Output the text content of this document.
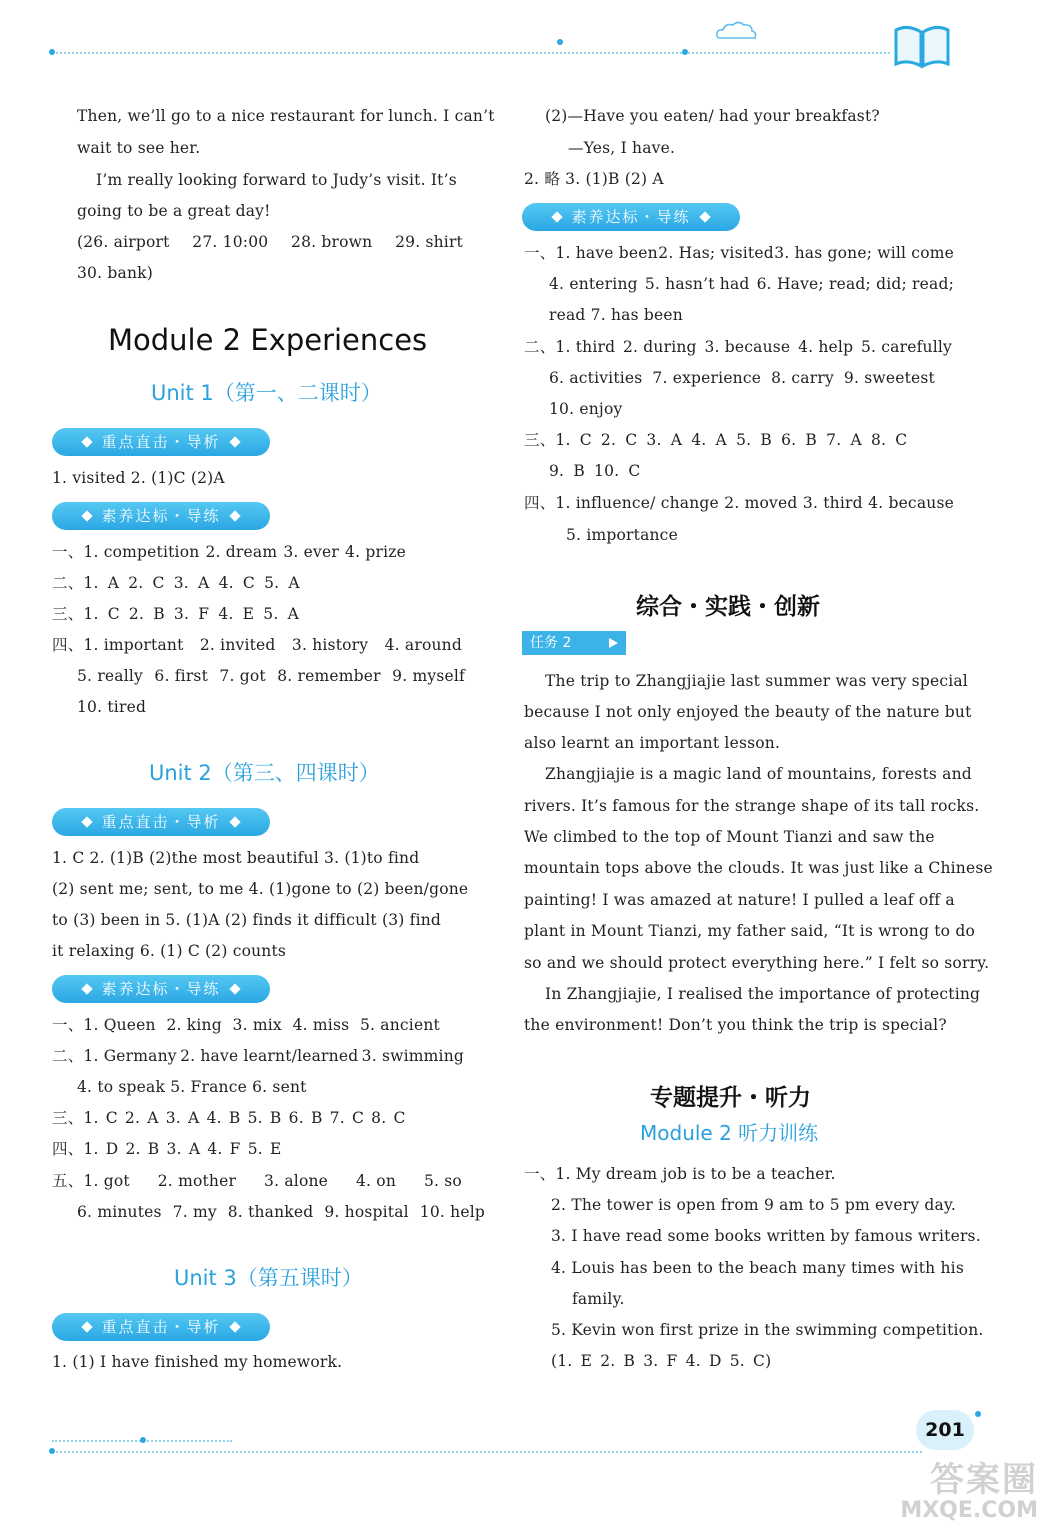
Then, we’ll go to a nice restaurant for lunch. I can’t
wait to see her.
I’m really looking forward to Judy’s visit. It’s
going to be a great day!
(26. airport 27. 10:00 28. brown 29. shirt
30. bank)
Module 2 Experiences
Unit 1（第一、二课时）
重点直击・导析
1. visited 2. (1)C (2)A
素养达标・导练
一、1. competition 2. dream 3. ever 4. prize
二、1. A 2. C 3. A 4. C 5. A
三、1. C 2. B 3. F 4. E 5. A
四、1. important 2. invited 3. history 4. around
5. really 6. first 7. got 8. remember 9. myself
10. tired
Unit 2（第三、四课时）
重点直击・导析
1. C 2. (1)B (2)the most beautiful 3. (1)to find
(2) sent me; sent, to me 4. (1)gone to (2) been/gone
to (3) been in 5. (1)A (2) finds it difficult (3) find
it relaxing 6. (1) C (2) counts
素养达标・导练
一、1. Queen 2. king 3. mix 4. miss 5. ancient
二、1. Germany 2. have learnt/learned 3. swimming
4. to speak 5. France 6. sent
三、1. C 2. A 3. A 4. B 5. B 6. B 7. C 8. C
四、1. D 2. B 3. A 4. F 5. E
五、1. got 2. mother 3. alone 4. on 5. so
6. minutes 7. my 8. thanked 9. hospital 10. help
Unit 3（第五课时）
重点直击・导析
1. (1) I have finished my homework.
(2)—Have you eaten/ had your breakfast?
—Yes, I have.
2. 略 3. (1)B (2) A
素养达标・导练
一、1. have been 2. Has; visited 3. has gone; will come
4. entering 5. hasn’t had 6. Have; read; did; read;
read 7. has been
二、1. third 2. during 3. because 4. help 5. carefully
6. activities 7. experience 8. carry 9. sweetest
10. enjoy
三、1. C 2. C 3. A 4. A 5. B 6. B 7. A 8. C
9. B 10. C
四、1. influence/ change 2. moved 3. third 4. because
5. importance
综合・实践・创新
任务 2
The trip to Zhangjiajie last summer was very special
because I not only enjoyed the beauty of the nature but
also learnt an important lesson.
Zhangjiajie is a magic land of mountains, forests and
rivers. It’s famous for the strange shape of its tall rocks.
We climbed to the top of Mount Tianzi and saw the
mountain tops above the clouds. It was just like a Chinese
painting! I was amazed at nature! I pulled a leaf off a
plant in Mount Tianzi, my father said, “It is wrong to do
so and we should protect everything here.” I felt so sorry.
In Zhangjiajie, I realised the importance of protecting
the environment! Don’t you think the trip is special?
专题提升・听力
Module 2 听力训练
一、1. My dream job is to be a teacher.
2. The tower is open from 9 am to 5 pm every day.
3. I have read some books written by famous writers.
4. Louis has been to the beach many times with his
family.
5. Kevin won first prize in the swimming competition.
(1. E 2. B 3. F 4. D 5. C)
201
答案圈
MXQE.COM
